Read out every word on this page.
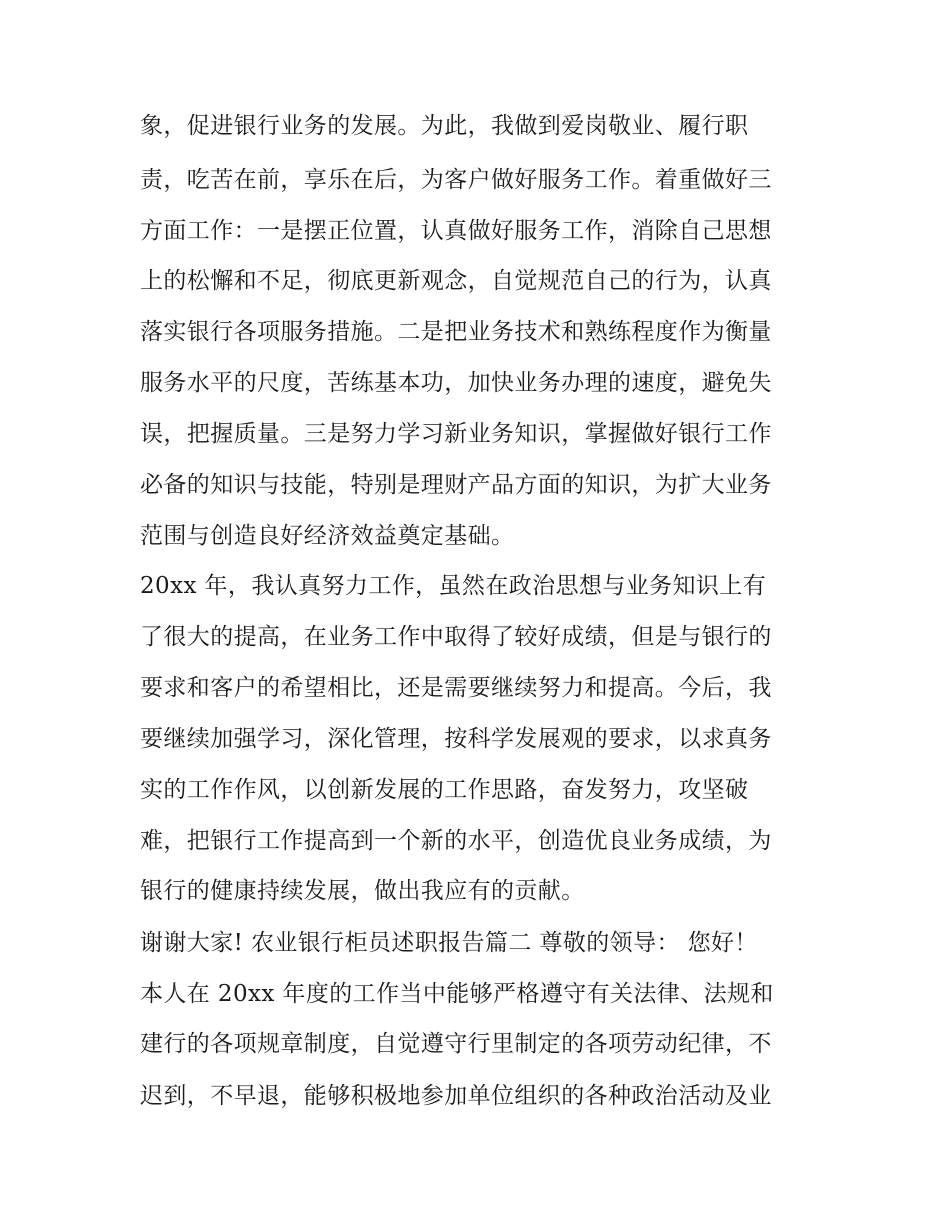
象，促进银行业务的发展。为此，我做到爱岗敬业、履行职
责，吃苦在前，享乐在后，为客户做好服务工作。着重做好三
方面工作：一是摆正位置，认真做好服务工作，消除自己思想
上的松懈和不足，彻底更新观念，自觉规范自己的行为，认真
落实银行各项服务措施。二是把业务技术和熟练程度作为衡量
服务水平的尺度，苦练基本功，加快业务办理的速度，避免失
误，把握质量。三是努力学习新业务知识，掌握做好银行工作
必备的知识与技能，特别是理财产品方面的知识，为扩大业务
范围与创造良好经济效益奠定基础。
20xx 年，我认真努力工作，虽然在政治思想与业务知识上有
了很大的提高，在业务工作中取得了较好成绩，但是与银行的
要求和客户的希望相比，还是需要继续努力和提高。今后，我
要继续加强学习，深化管理，按科学发展观的要求，以求真务
实的工作作风，以创新发展的工作思路，奋发努力，攻坚破
难，把银行工作提高到一个新的水平，创造优良业务成绩，为
银行的健康持续发展，做出我应有的贡献。
谢谢大家! 农业银行柜员述职报告篇二 尊敬的领导： 您好！
本人在 20xx 年度的工作当中能够严格遵守有关法律、法规和
建行的各项规章制度，自觉遵守行里制定的各项劳动纪律，不
迟到，不早退，能够积极地参加单位组织的各种政治活动及业
